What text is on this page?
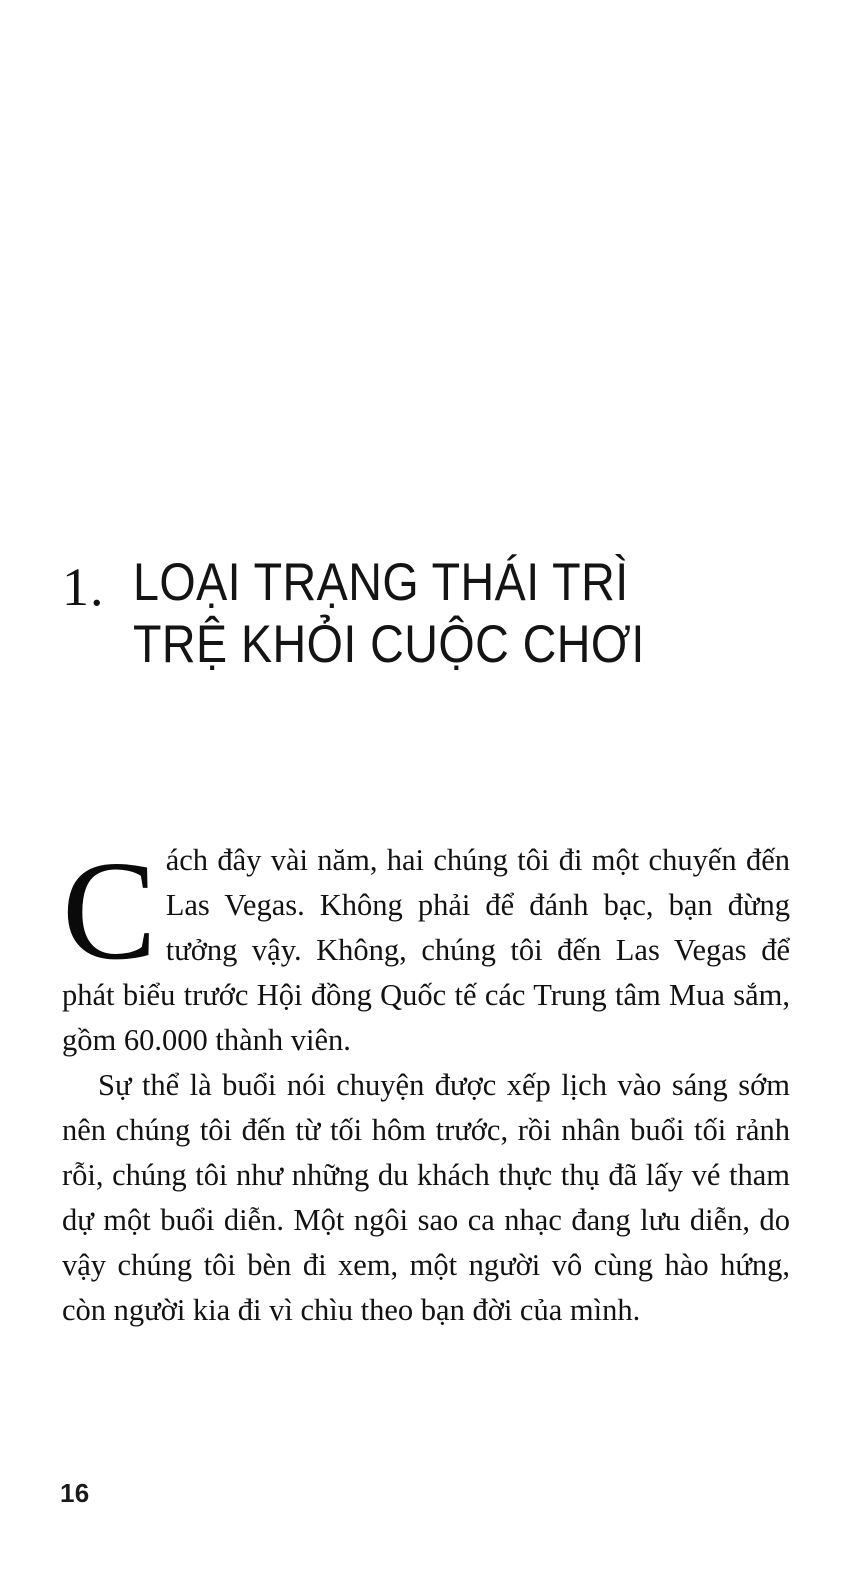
1. LOẠI TRẠNG THÁI TRÌ
TRỆ KHỎI CUỘC CHƠI

Cách đây vài năm, hai chúng tôi đi một chuyến đến Las Vegas. Không phải để đánh bạc, bạn đừng tưởng vậy. Không, chúng tôi đến Las Vegas để phát biểu trước Hội đồng Quốc tế các Trung tâm Mua sắm, gồm 60.000 thành viên.

Sự thể là buổi nói chuyện được xếp lịch vào sáng sớm nên chúng tôi đến từ tối hôm trước, rồi nhân buổi tối rảnh rỗi, chúng tôi như những du khách thực thụ đã lấy vé tham dự một buổi diễn. Một ngôi sao ca nhạc đang lưu diễn, do vậy chúng tôi bèn đi xem, một người vô cùng hào hứng, còn người kia đi vì chìu theo bạn đời của mình.

16
